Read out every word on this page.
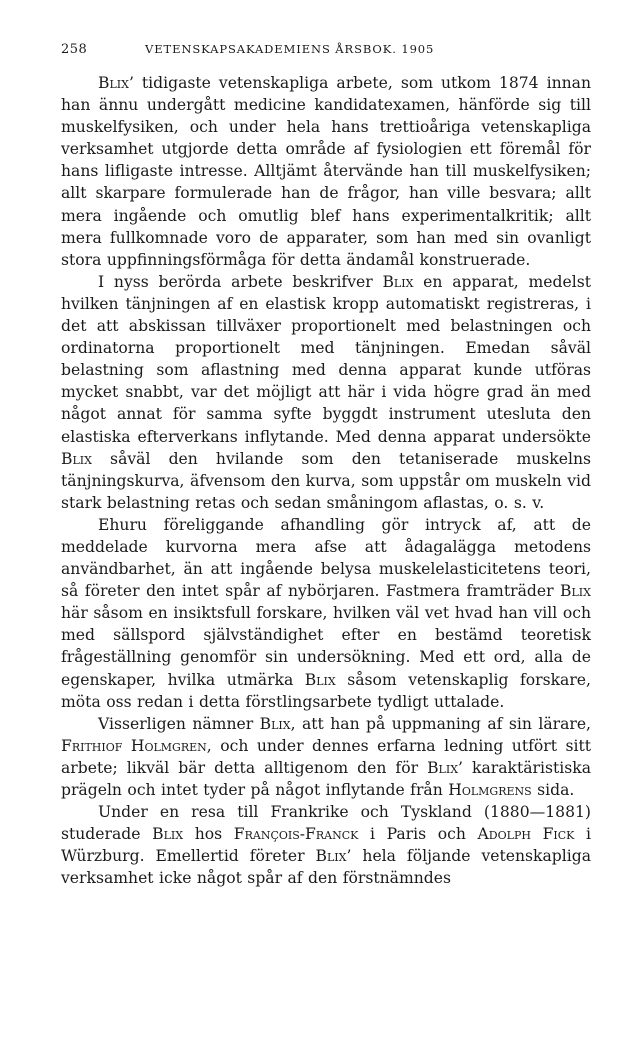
258	VETENSKAPSAKADEMIENS ÅRSBOK. 1905

Blix’ tidigaste vetenskapliga arbete, som utkom 1874 innan han ännu undergått medicine kandidatexamen, hänförde sig till muskelfysiken, och under hela hans trettioåriga vetenskapliga verksamhet utgjorde detta område af fysiologien ett föremål för hans lifligaste intresse. Alltjämt återvände han till muskelfysiken; allt skarpare formulerade han de frågor, han ville besvara; allt mera ingående och omutlig blef hans experimentalkritik; allt mera fullkomnade voro de apparater, som han med sin ovanligt stora uppfinningsförmåga för detta ändamål konstruerade.

I nyss berörda arbete beskrifver Blix en apparat, medelst hvilken tänjningen af en elastisk kropp automatiskt registreras, i det att abskissan tillväxer proportionelt med belastningen och ordinatorna proportionelt med tänjningen. Emedan såväl belastning som aflastning med denna apparat kunde utföras mycket snabbt, var det möjligt att här i vida högre grad än med något annat för samma syfte byggdt instrument utesluta den elastiska efterverkans inflytande. Med denna apparat undersökte Blix såväl den hvilande som den tetaniserade muskelns tänjningskurva, äfvensom den kurva, som uppstår om muskeln vid stark belastning retas och sedan småningom aflastas, o. s. v.

Ehuru föreliggande afhandling gör intryck af, att de meddelade kurvorna mera afse att ådagalägga metodens användbarhet, än att ingående belysa muskelelasticitetens teori, så företer den intet spår af nybörjaren. Fastmera framträder Blix här såsom en insiktsfull forskare, hvilken väl vet hvad han vill och med sällspord självständighet efter en bestämd teoretisk frågeställning genomför sin undersökning. Med ett ord, alla de egenskaper, hvilka utmärka Blix såsom vetenskaplig forskare, möta oss redan i detta förstlingsarbete tydligt uttalade.

Visserligen nämner Blix, att han på uppmaning af sin lärare, Frithiof Holmgren, och under dennes erfarna ledning utfört sitt arbete; likväl bär detta alltigenom den för Blix’ karaktäristiska prägeln och intet tyder på något inflytande från Holmgrens sida.

Under en resa till Frankrike och Tyskland (1880—1881) studerade Blix hos François-Franck i Paris och Adolph Fick i Würzburg. Emellertid företer Blix’ hela följande vetenskapliga verksamhet icke något spår af den förstnämndes
